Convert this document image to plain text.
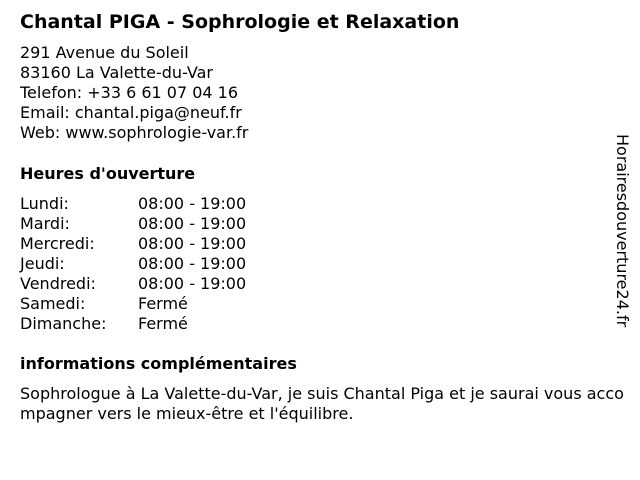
Chantal PIGA - Sophrologie et Relaxation
291 Avenue du Soleil
83160 La Valette-du-Var
Telefon: +33 6 61 07 04 16
Email: chantal.piga@neuf.fr
Web: www.sophrologie-var.fr
Heures d'ouverture
Lundi:	08:00 - 19:00
Mardi:	08:00 - 19:00
Mercredi:	08:00 - 19:00
Jeudi:	08:00 - 19:00
Vendredi:	08:00 - 19:00
Samedi:	Fermé
Dimanche:	Fermé
informations complémentaires
Sophrologue à La Valette-du-Var, je suis Chantal Piga et je saurai vous accompagner vers le mieux-être et l'équilibre.
Horairesdouverture24.fr
